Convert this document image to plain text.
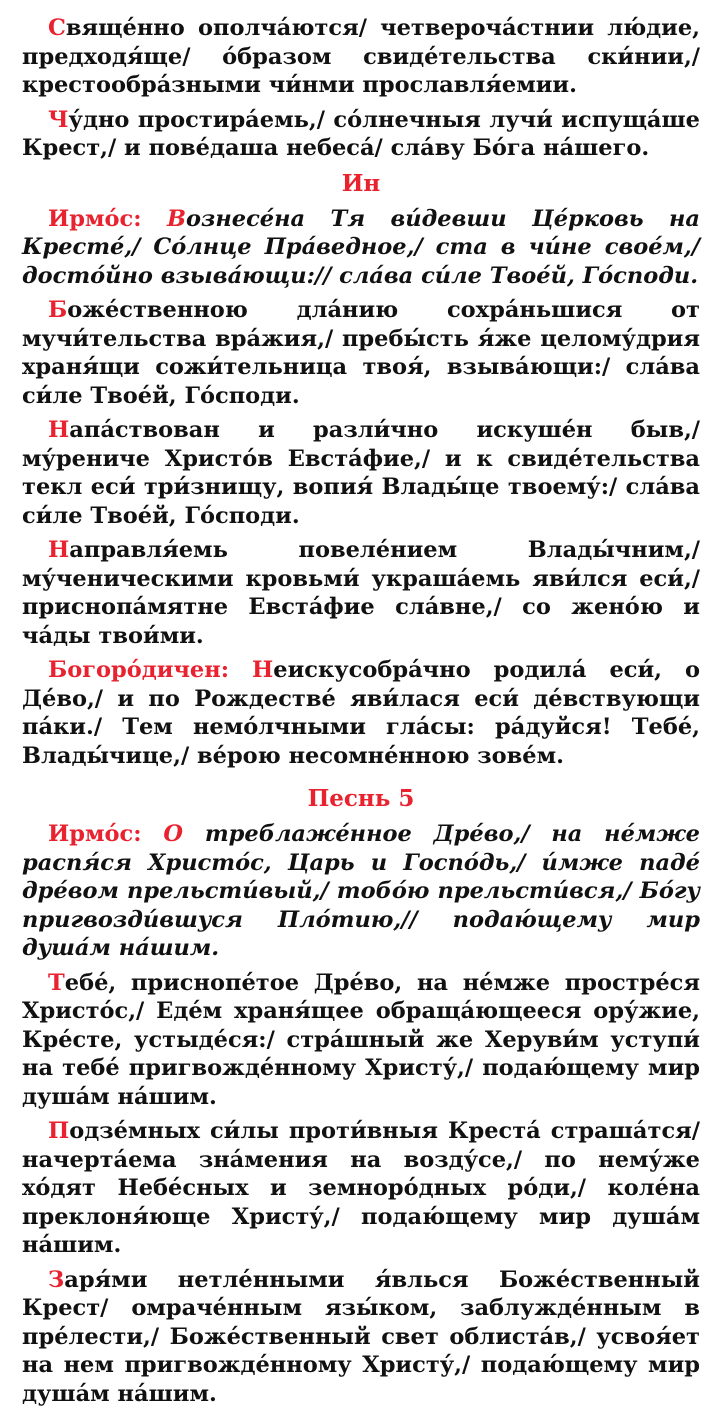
Свяще́нно ополча́ются/ четвероча́стнии лю́дие, предходя́ще/ о́бразом свиде́тельства ски́нии,/ крестообра́зными чи́нми прославля́емии.

Чу́дно простира́емь,/ со́лнечныя лучи́ испуща́ше Крест,/ и пове́даша небеса́/ сла́ву Бо́га на́шего.

Ин

Ирмо́с: Вознесе́на Тя ви́девши Це́рковь на Кресте́,/ Со́лнце Пра́ведное,/ ста в чи́не свое́м,/ досто́йно взыва́ющи:// сла́ва си́ле Твое́й, Го́споди.

Боже́ственною дла́нию сохра́ньшися от мучи́тельства вра́жия,/ пребы́сть я́же целому́дрия храня́щи сожи́тельница твоя́, взыва́ющи:/ сла́ва си́ле Твое́й, Го́споди.

Напа́ствован и разли́чно искуше́н быв,/ му́рениче Христо́в Евста́фие,/ и к свиде́тельства текл еси́ три́знищу, вопия́ Влады́це твоему́:/ сла́ва си́ле Твое́й, Го́споди.

Направля́емь повеле́нием Влады́чним,/ му́ченическими кровьми́ украша́емь яви́лся еси́,/ приснопа́мятне Евста́фие сла́вне,/ со жено́ю и ча́ды твои́ми.

Богоро́дичен: Неискусобра́чно родила́ еси́, о Де́во,/ и по Рождестве́ яви́лася еси́ де́вствующи па́ки./ Тем немо́лчными гла́сы: ра́дуйся! Тебе́, Влады́чице,/ ве́рою несомне́нною зове́м.

Песнь 5

Ирмо́с: О треблаже́нное Дре́во,/ на не́мже распя́ся Христо́с, Царь и Госпо́дь,/ и́мже паде́ дре́вом прельсти́вый,/ тобо́ю прельсти́вся,/ Бо́гу пригвозди́вшуся Пло́тию,// подаю́щему мир душа́м на́шим.

Тебе́, приснопе́тое Дре́во, на не́мже простре́ся Христо́с,/ Еде́м храня́щее обраща́ющееся ору́жие, Кре́сте, устыде́ся:/ стра́шный же Херуви́м уступи́ на тебе́ пригвожде́нному Христу́,/ подаю́щему мир душа́м на́шим.

Подзе́мных си́лы проти́вныя Креста́ страша́тся/ начерта́ема зна́мения на возду́се,/ по нему́же хо́дят Небе́сных и земноро́дных ро́ди,/ коле́на преклоня́юще Христу́,/ подаю́щему мир душа́м на́шим.

Заря́ми нетле́нными я́влься Боже́ственный Крест/ омраче́нным язы́ком, заблужде́нным в пре́лести,/ Боже́ственный свет облиста́в,/ усвоя́ет на нем пригвожде́нному Христу́,/ подаю́щему мир душа́м на́шим.
